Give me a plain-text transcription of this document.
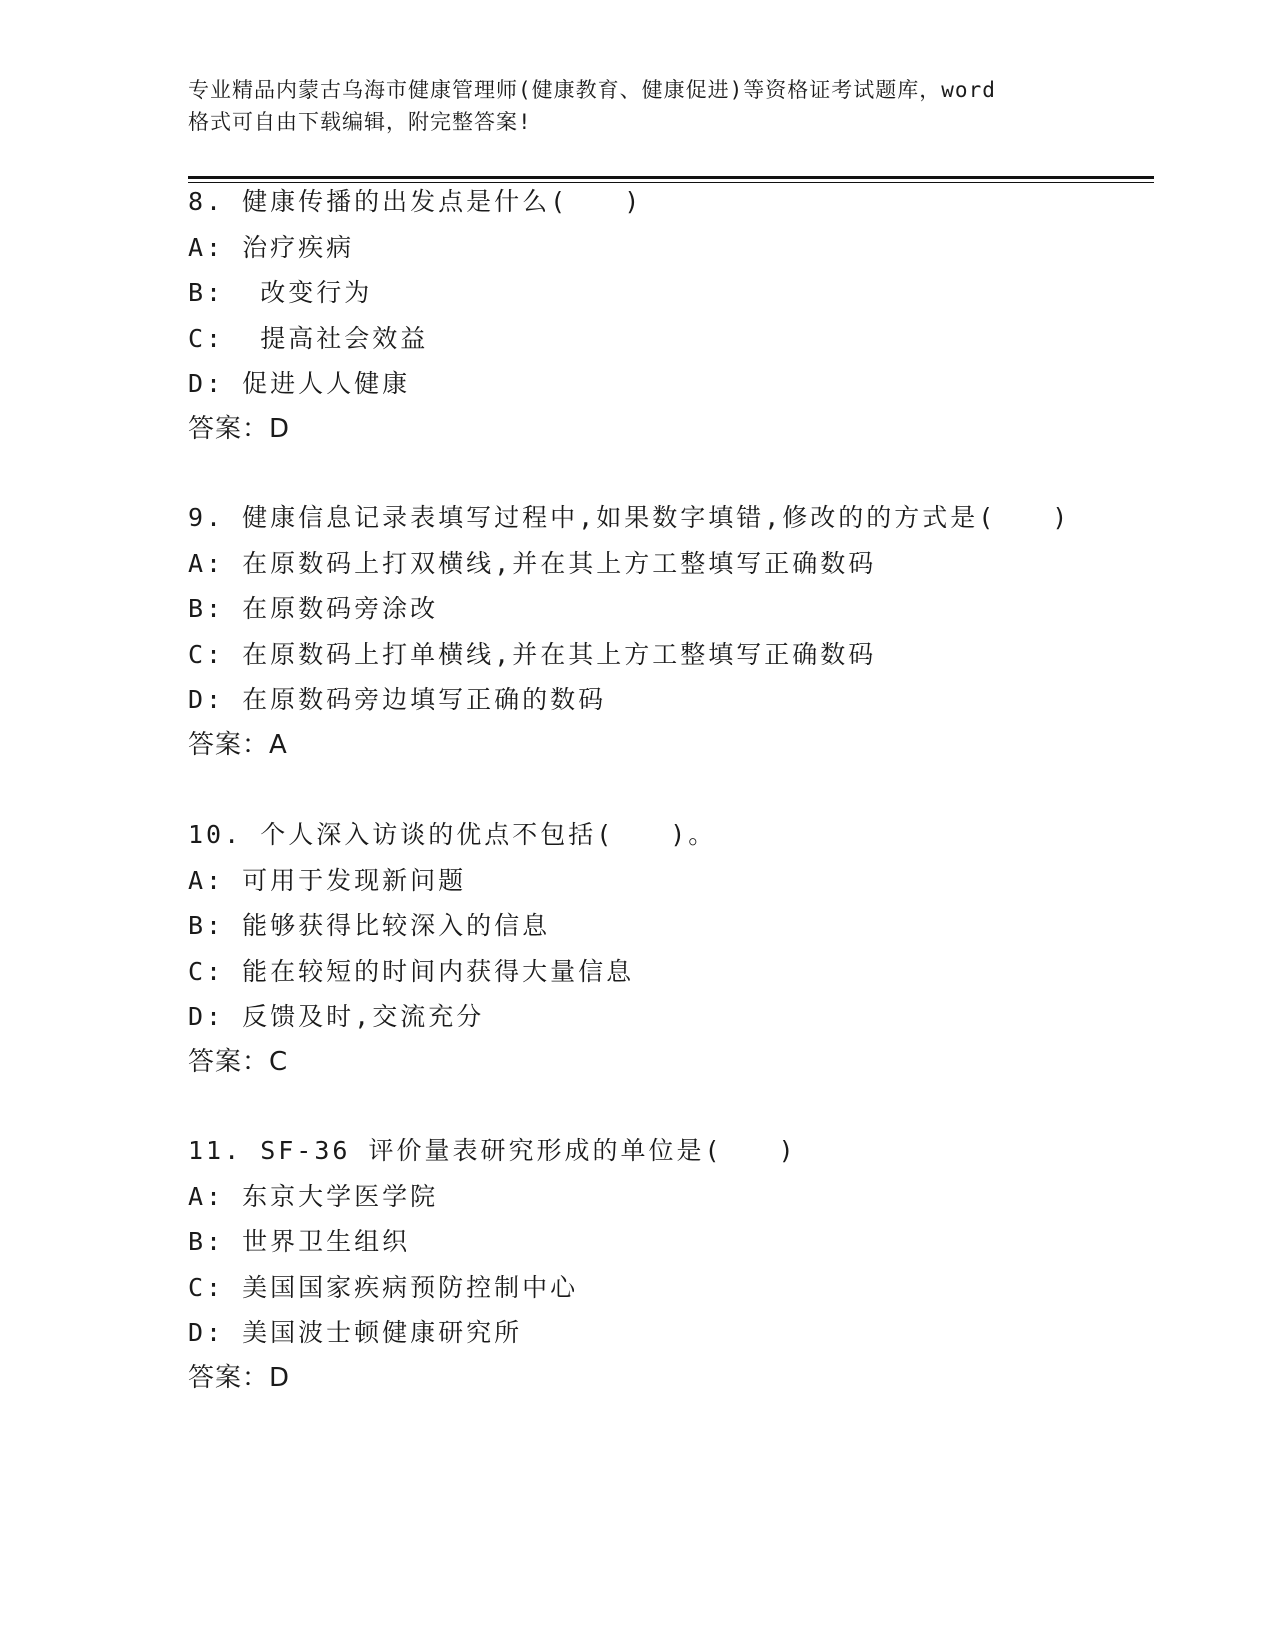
专业精品内蒙古乌海市健康管理师(健康教育、健康促进)等资格证考试题库，word
格式可自由下载编辑，附完整答案!
8. 健康传播的出发点是什么(　　)
A: 治疗疾病
B:  改变行为
C:  提高社会效益
D: 促进人人健康
答案：D
9. 健康信息记录表填写过程中,如果数字填错,修改的的方式是(　　)
A: 在原数码上打双横线,并在其上方工整填写正确数码
B: 在原数码旁涂改
C: 在原数码上打单横线,并在其上方工整填写正确数码
D: 在原数码旁边填写正确的数码
答案：A
10. 个人深入访谈的优点不包括(　　)。
A: 可用于发现新问题
B: 能够获得比较深入的信息
C: 能在较短的时间内获得大量信息
D: 反馈及时,交流充分
答案：C
11. SF-36 评价量表研究形成的单位是(　　)
A: 东京大学医学院
B: 世界卫生组织
C: 美国国家疾病预防控制中心
D: 美国波士顿健康研究所
答案：D
